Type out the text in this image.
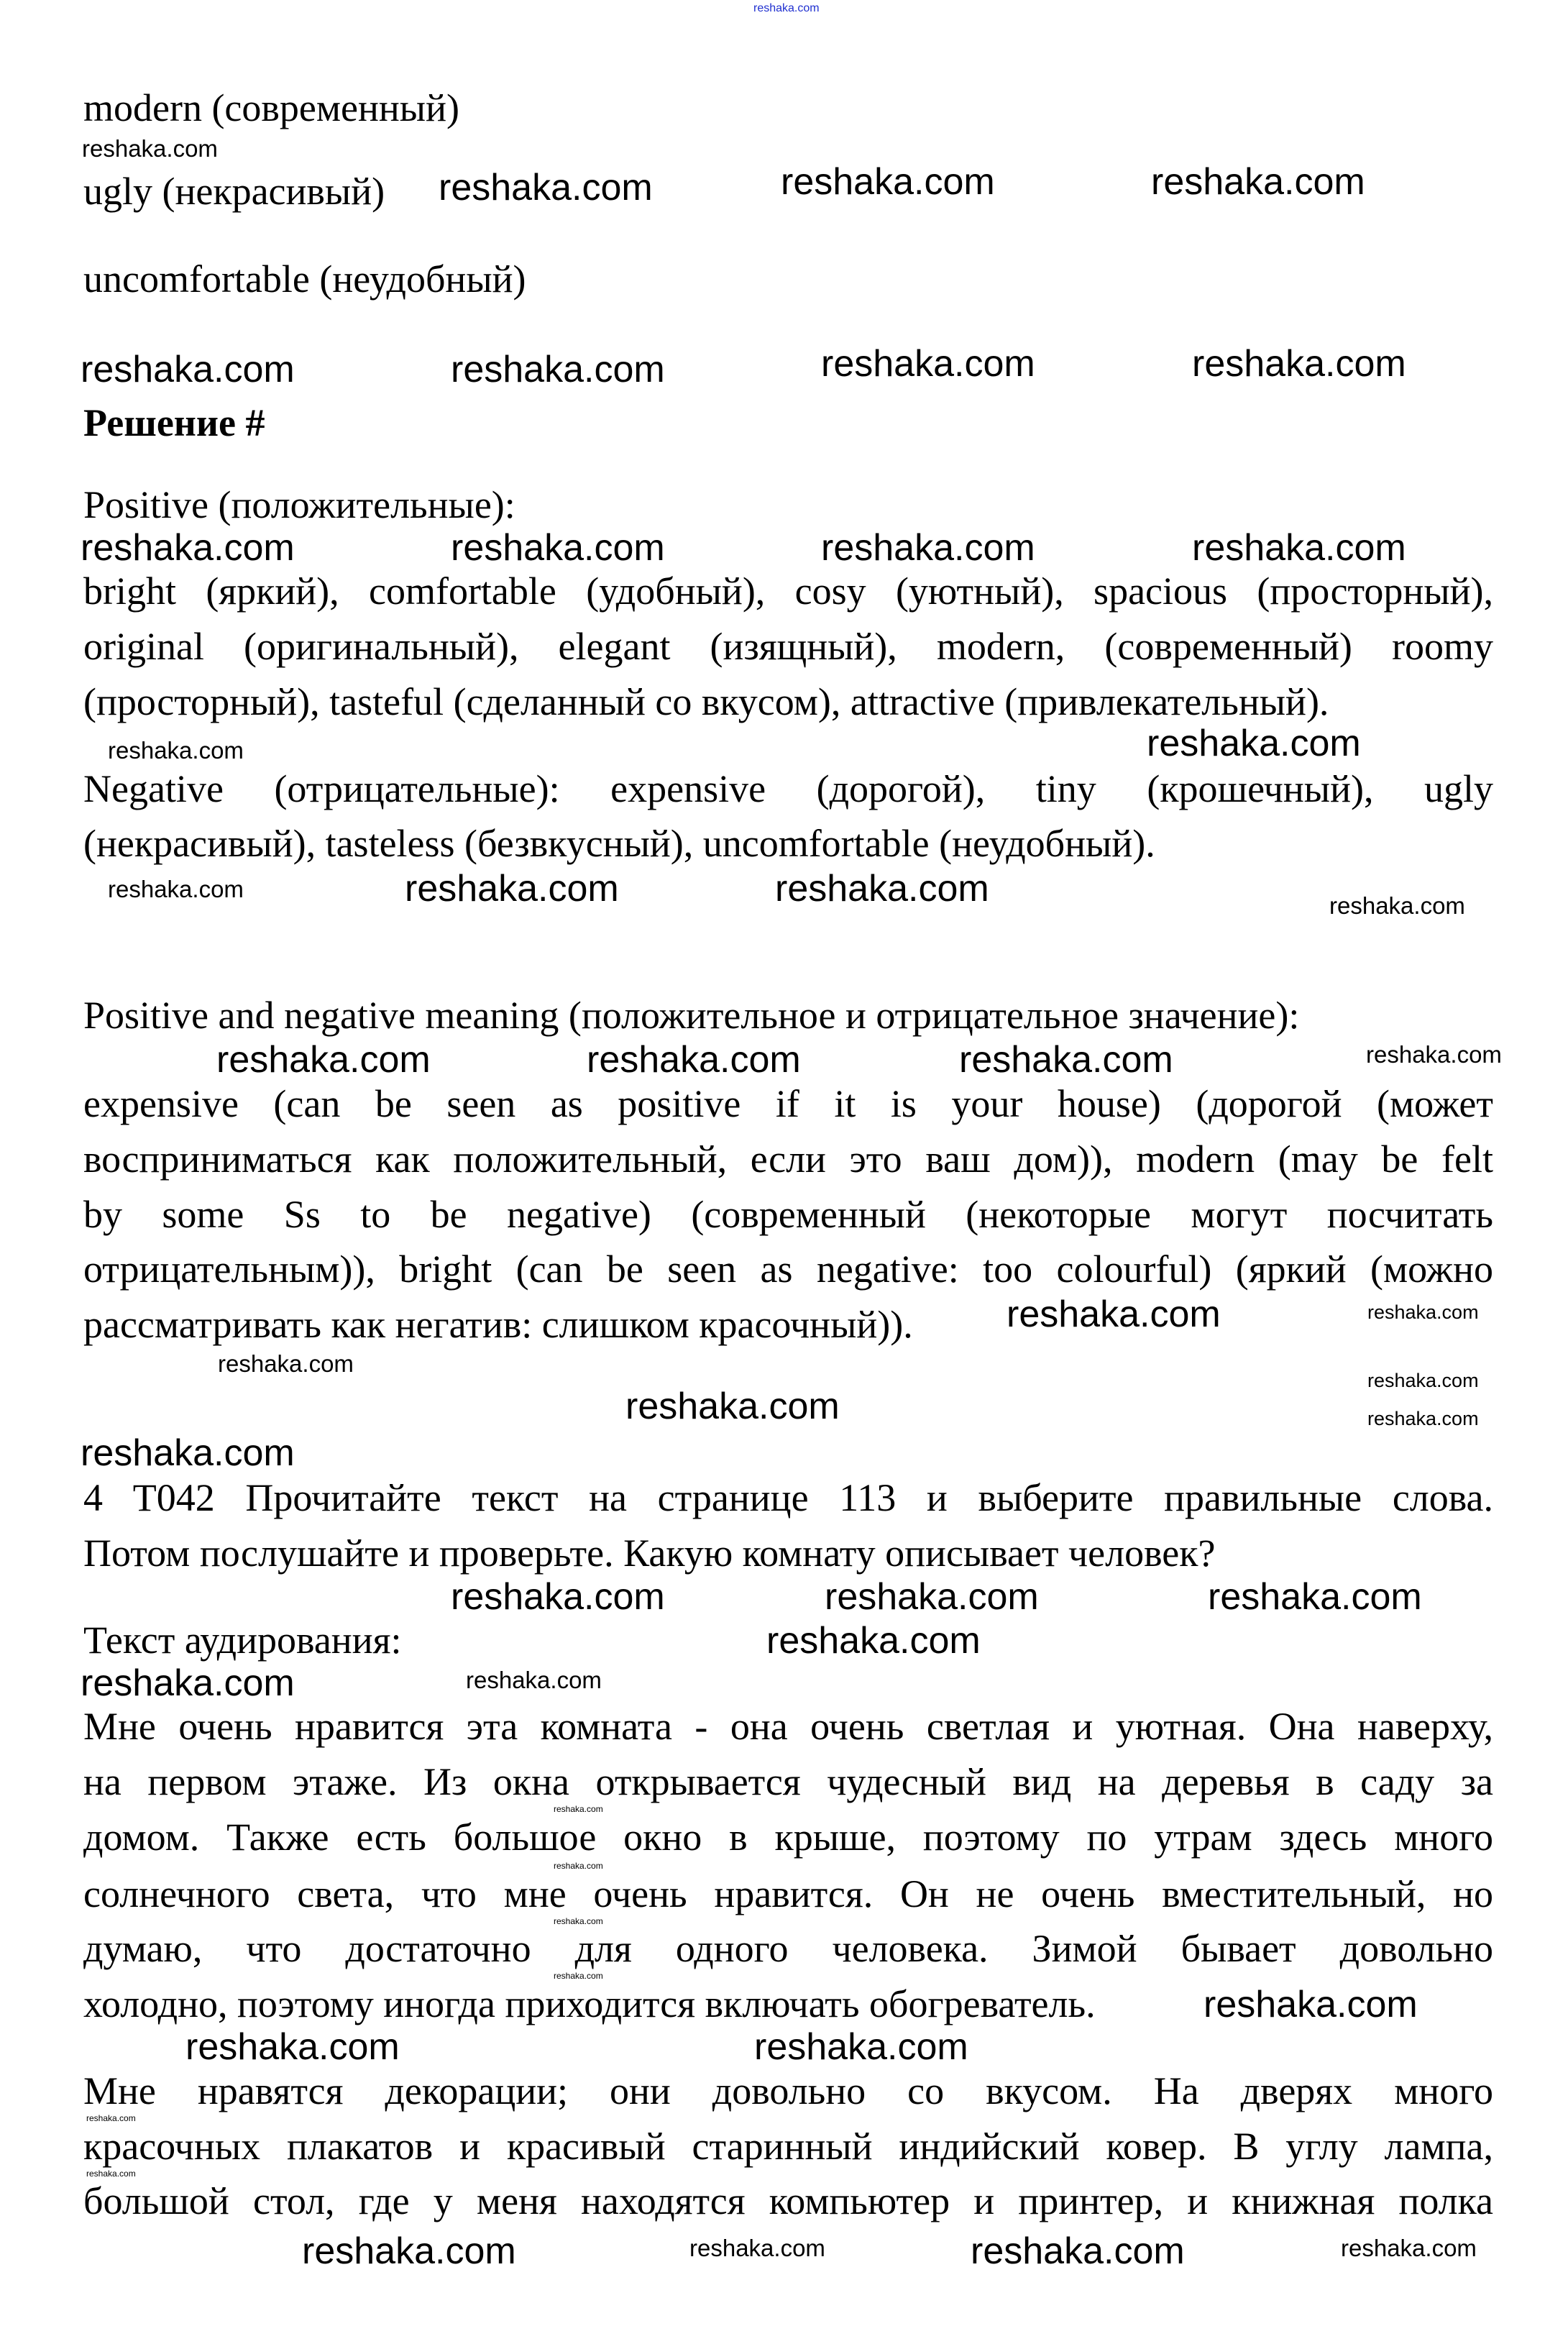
reshaka.com
modern (современный)
ugly (некрасивый)
uncomfortable (неудобный)
Решение #
Positive (положительные):
bright (яркий), comfortable (удобный), cosy (уютный), spacious (просторный),
original (оригинальный), elegant (изящный), modern, (современный) roomy
(просторный), tasteful (сделанный со вкусом), attractive (привлекательный).
Negative (отрицательные): expensive (дорогой), tiny (крошечный), ugly
(некрасивый), tasteless (безвкусный), uncomfortable (неудобный).
Positive and negative meaning (положительное и отрицательное значение):
expensive (can be seen as positive if it is your house) (дорогой (может
восприниматься как положительный, если это ваш дом)), modern (may be felt
by some Ss to be negative) (современный (некоторые могут посчитать
отрицательным)), bright (can be seen as negative: too colourful) (яркий (можно
рассматривать как негатив: слишком красочный)).
4 T042 Прочитайте текст на странице 113 и выберите правильные слова.
Потом послушайте и проверьте. Какую комнату описывает человек?
Текст аудирования:
Мне очень нравится эта комната - она очень светлая и уютная. Она наверху,
на первом этаже. Из окна открывается чудесный вид на деревья в саду за
домом. Также есть большое окно в крыше, поэтому по утрам здесь много
солнечного света, что мне очень нравится. Он не очень вместительный, но
думаю, что достаточно для одного человека. Зимой бывает довольно
холодно, поэтому иногда приходится включать обогреватель.
Мне нравятся декорации; они довольно со вкусом. На дверях много
красочных плакатов и красивый старинный индийский ковер. В углу лампа,
большой стол, где у меня находятся компьютер и принтер, и книжная полка
reshaka.com
reshaka.com	reshaka.com	reshaka.com
reshaka.com	reshaka.com	reshaka.com	reshaka.com
reshaka.com	reshaka.com	reshaka.com	reshaka.com
reshaka.com
reshaka.com
reshaka.com	reshaka.com	reshaka.com	reshaka.com
reshaka.com
reshaka.com	reshaka.com	reshaka.com
reshaka.com
reshaka.com
reshaka.com
reshaka.com	reshaka.com
reshaka.com
reshaka.com
reshaka.com	reshaka.com	reshaka.com
reshaka.com	reshaka.com
reshaka.com
reshaka.com
reshaka.com
reshaka.com
reshaka.com
reshaka.com
reshaka.com
reshaka.com
reshaka.com
reshaka.com
reshaka.com
reshaka.com	reshaka.com	reshaka.com
